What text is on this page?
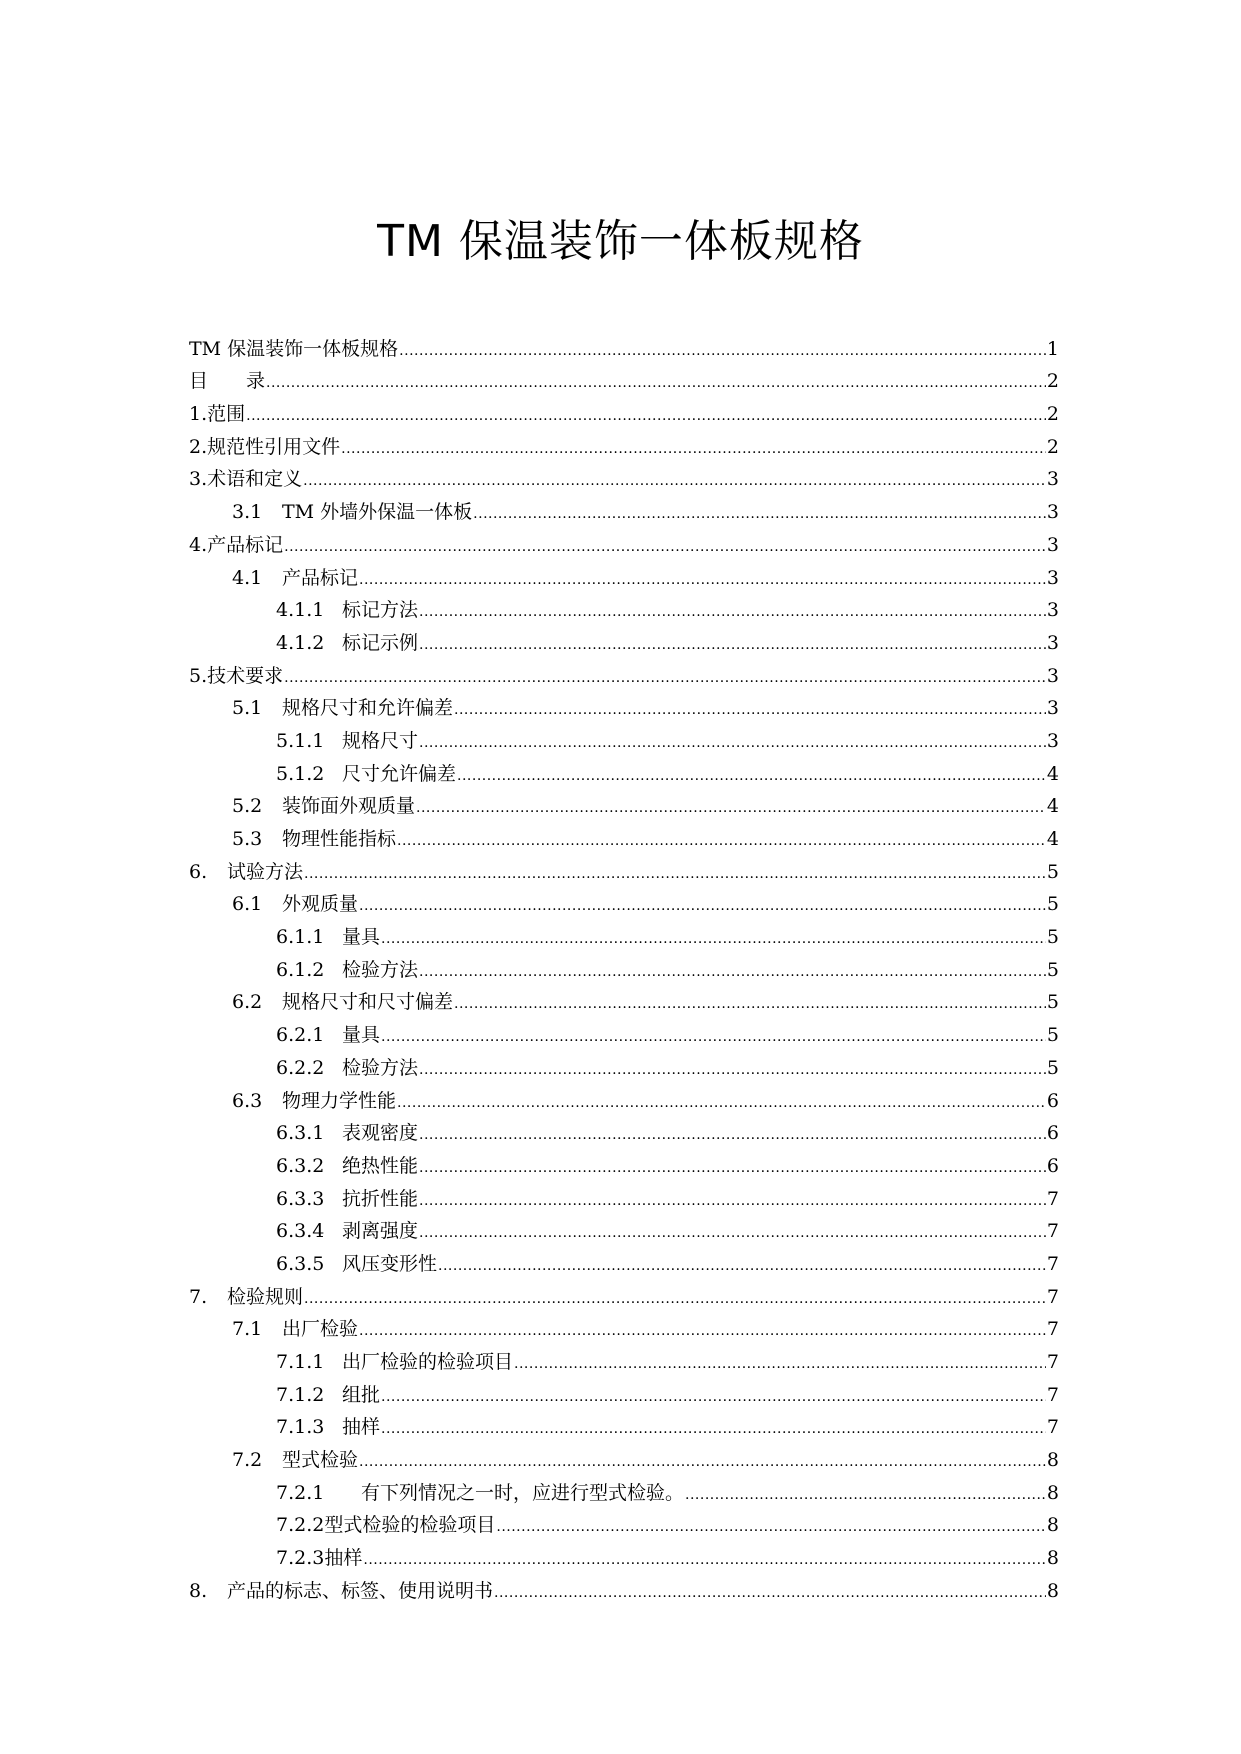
TM 保温装饰一体板规格
TM 保温装饰一体板规格 .....	1
目　　录 .....	2
1.范围 .....	2
2.规范性引用文件 .....	2
3.术语和定义 .....	3
3.1	TM 外墙外保温一体板 .....	3
4.产品标记 .....	3
4.1	产品标记 .....	3
4.1.1 标记方法 .....	3
4.1.2 标记示例 .....	3
5.技术要求 .....	3
5.1	规格尺寸和允许偏差 .....	3
5.1.1 规格尺寸 .....	3
5.1.2 尺寸允许偏差 .....	4
5.2	装饰面外观质量 .....	4
5.3	物理性能指标 .....	4
6.	试验方法 .....	5
6.1	外观质量 .....	5
6.1.1 量具 .....	5
6.1.2 检验方法 .....	5
6.2	规格尺寸和尺寸偏差 .....	5
6.2.1 量具 .....	5
6.2.2 检验方法 .....	5
6.3	物理力学性能 .....	6
6.3.1 表观密度 .....	6
6.3.2 绝热性能 .....	6
6.3.3 抗折性能 .....	7
6.3.4 剥离强度 .....	7
6.3.5 风压变形性 .....	7
7.	检验规则 .....	7
7.1	出厂检验 .....	7
7.1.1 出厂检验的检验项目 .....	7
7.1.2 组批 .....	7
7.1.3 抽样 .....	7
7.2	型式检验 .....	8
7.2.1 　有下列情况之一时，应进行型式检验。 .....	8
7.2.2 型式检验的检验项目 .....	8
7.2.3 抽样 .....	8
8.	产品的标志、标签、使用说明书 .....	8
